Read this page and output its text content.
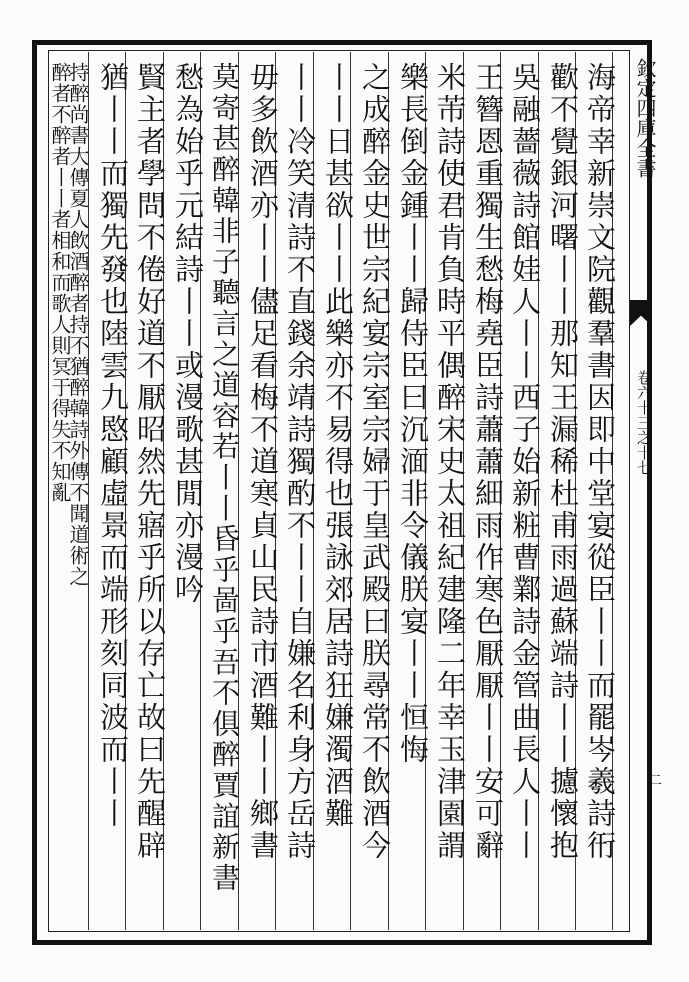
欽定四庫全書
卷六十三之十七
二
海帝幸新崇文院觀羣書因即中堂宴從臣丨丨而罷岑羲詩衎
歡不覺銀河曙丨丨那知王漏稀杜甫雨過蘇端詩丨丨攄懷抱
吳融薔薇詩館娃人丨丨西子始新粧曹鄴詩金管曲長人丨丨
王簪恩重獨生愁梅堯臣詩蕭蕭細雨作寒色厭厭丨丨安可辭
米芾詩使君肯負時平偶醉宋史太祖紀建隆二年幸玉津園謂
樂長倒金鍾丨丨歸侍臣曰沉湎非令儀朕宴丨丨恒悔
之成醉金史世宗紀宴宗室宗婦于皇武殿曰朕尋常不飲酒今
丨丨日甚欲丨丨此樂亦不易得也張詠郊居詩狂嫌濁酒難
丨丨冷笑清詩不直錢余靖詩獨酌不丨丨自嫌名利身方岳詩
毋多飲酒亦丨丨儘足看梅不道寒貞山民詩市酒難丨丨鄉書
莫寄甚醉韓非子聽言之道容若丨丨昏乎啚乎吾不俱醉賈誼新書
愁為始乎元結詩丨丨或漫歌甚閒亦漫吟
賢主者學問不倦好道不厭昭然先寤乎所以存亡故曰先醒辟
猶丨丨而獨先發也陸雲九愍顧虛景而端形刻同波而丨丨
持醉尚書大傳夏人飲酒醉者持不猶醉韓詩外傳不聞道術之
醉者不醉者丨丨者相和而歌人則冥于得失不知亂
